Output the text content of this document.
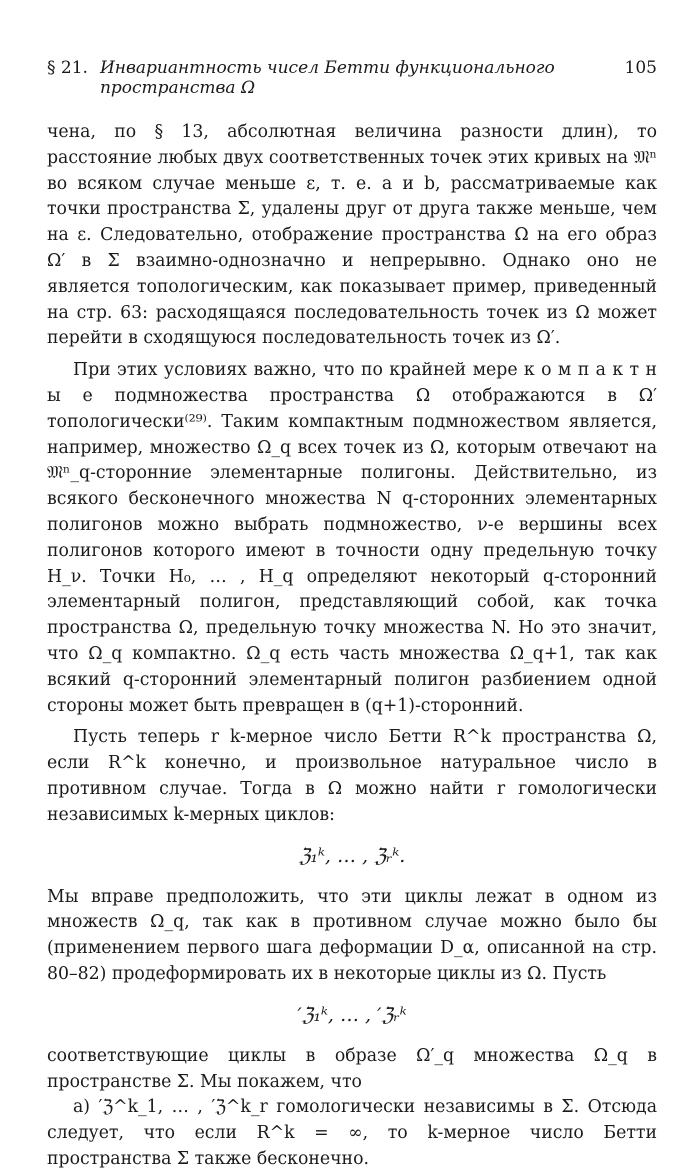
§ 21. Инвариантность чисел Бетти функционального пространства Ω
105

чена, по § 13, абсолютная величина разности длин), то расстояние любых двух соответственных точек этих кривых на 𝔐ⁿ во всяком случае меньше ε, т. е. a и b, рассматриваемые как точки пространства Σ, удалены друг от друга также меньше, чем на ε. Следовательно, отображение пространства Ω на его образ Ω′ в Σ взаимно-однозначно и непрерывно. Однако оно не является топологическим, как показывает пример, приведенный на стр. 63: расходящаяся последовательность точек из Ω может перейти в сходящуюся последовательность точек из Ω′.

При этих условиях важно, что по крайней мере к о м п а к т н ы е подмножества пространства Ω отображаются в Ω′ топологически⁽²⁹⁾. Таким компактным подмножеством является, например, множество Ω_q всех точек из Ω, которым отвечают на 𝔐ⁿ_q-сторонние элементарные полигоны. Действительно, из всякого бесконечного множества N q-сторонних элементарных полигонов можно выбрать подмножество, ν-е вершины всех полигонов которого имеют в точности одну предельную точку H_ν. Точки H₀, … , H_q определяют некоторый q-сторонний элементарный полигон, представляющий собой, как точка пространства Ω, предельную точку множества N. Но это значит, что Ω_q компактно. Ω_q есть часть множества Ω_q+1, так как всякий q-сторонний элементарный полигон разбиением одной стороны может быть превращен в (q+1)-сторонний.

Пусть теперь r k-мерное число Бетти R^k пространства Ω, если R^k конечно, и произвольное натуральное число в противном случае. Тогда в Ω можно найти r гомологически независимых k-мерных циклов:

ℨ₁ᵏ, … , ℨᵣᵏ.

Мы вправе предположить, что эти циклы лежат в одном из множеств Ω_q, так как в противном случае можно было бы (применением первого шага деформации D_α, описанной на стр. 80–82) продеформировать их в некоторые циклы из Ω. Пусть

′ℨ₁ᵏ, … , ′ℨᵣᵏ

соответствующие циклы в образе Ω′_q множества Ω_q в пространстве Σ. Мы покажем, что

а) ′ℨ^k_1, … , ′ℨ^k_r гомологически независимы в Σ. Отсюда следует, что если R^k = ∞, то k-мерное число Бетти пространства Σ также бесконечно.
